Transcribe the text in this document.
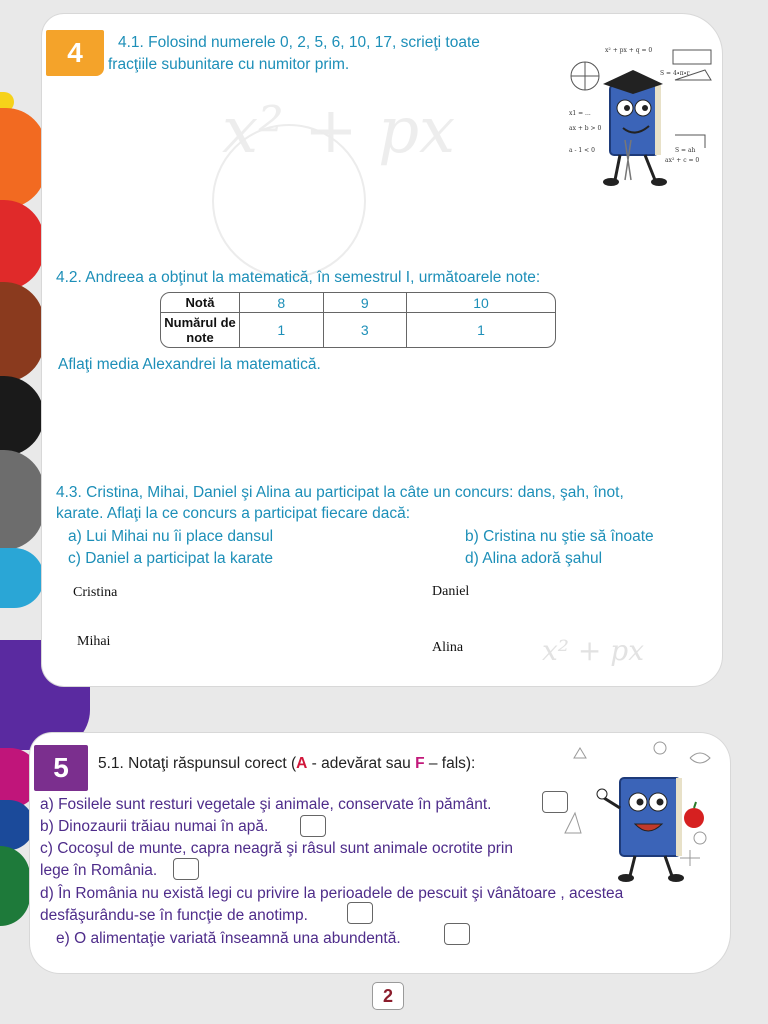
x² + px
x² + px
4	4.1. Folosind numerele 0, 2, 5, 6, 10, 17, scrieţi toate
fracţiile subunitare cu numitor prim.
x² + px + q = 0
S = 4∙π∙r
x1 = ...
ax + b > 0
a - 1 < 0	S = ah
ax² + c = 0
4.2. Andreea a obţinut la matematică, în semestrul I, următoarele note:
Notă	8	9	10
Numărul de note	1	3	1
Aflaţi media Alexandrei la matematică.
4.3. Cristina, Mihai, Daniel şi Alina au participat la câte un concurs: dans, şah, înot,
karate. Aflaţi la ce concurs a participat fiecare dacă:
a) Lui Mihai nu îi place dansul	b) Cristina nu ştie să înoate
c) Daniel a participat la karate	d) Alina adoră şahul
Cristina	Daniel
Mihai	Alina
5	5.1. Notaţi răspunsul corect (A - adevărat sau F – fals):
a) Fosilele sunt resturi vegetale şi animale, conservate în pământ.
b) Dinozaurii trăiau numai în apă.
c) Cocoşul de munte, capra neagră şi râsul sunt animale ocrotite prin
lege în România.
d) În România nu există legi cu privire la perioadele de pescuit şi vânătoare , acestea
desfăşurându-se în funcţie de anotimp.
e) O alimentaţie variată înseamnă una abundentă.
2
